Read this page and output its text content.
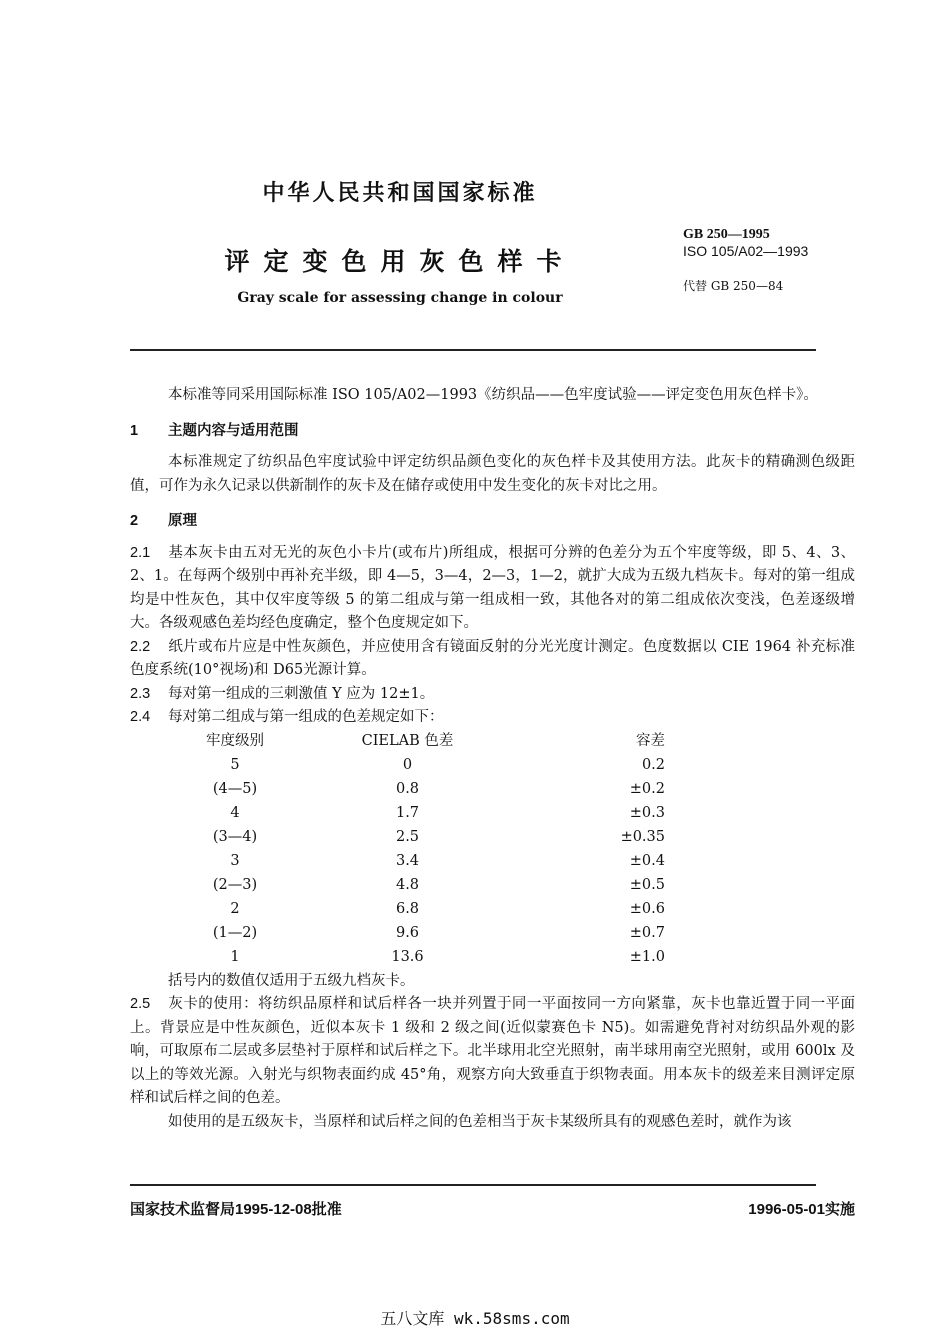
中华人民共和国国家标准
评定变色用灰色样卡
Gray scale for assessing change in colour
GB 250—1995
ISO 105/A02—1993
代替 GB 250—84
本标准等同采用国际标准 ISO 105/A02—1993《纺织品——色牢度试验——评定变色用灰色样卡》。
1 主题内容与适用范围
本标准规定了纺织品色牢度试验中评定纺织品颜色变化的灰色样卡及其使用方法。此灰卡的精确测色级距值，可作为永久记录以供新制作的灰卡及在储存或使用中发生变化的灰卡对比之用。
2 原理
2.1 基本灰卡由五对无光的灰色小卡片(或布片)所组成，根据可分辨的色差分为五个牢度等级，即 5、4、3、2、1。在每两个级别中再补充半级，即 4—5，3—4，2—3，1—2，就扩大成为五级九档灰卡。每对的第一组成均是中性灰色，其中仅牢度等级 5 的第二组成与第一组成相一致，其他各对的第二组成依次变浅，色差逐级增大。各级观感色差均经色度确定，整个色度规定如下。
2.2 纸片或布片应是中性灰颜色，并应使用含有镜面反射的分光光度计测定。色度数据以 CIE 1964 补充标准色度系统(10°视场)和 D65光源计算。
2.3 每对第一组成的三刺激值 Y 应为 12±1。
2.4 每对第二组成与第一组成的色差规定如下：
牢度级别	CIELAB 色差	容差
5	0	0.2
(4—5)	0.8	±0.2
4	1.7	±0.3
(3—4)	2.5	±0.35
3	3.4	±0.4
(2—3)	4.8	±0.5
2	6.8	±0.6
(1—2)	9.6	±0.7
1	13.6	±1.0
括号内的数值仅适用于五级九档灰卡。
2.5 灰卡的使用：将纺织品原样和试后样各一块并列置于同一平面按同一方向紧靠，灰卡也靠近置于同一平面上。背景应是中性灰颜色，近似本灰卡 1 级和 2 级之间(近似蒙赛色卡 N5)。如需避免背衬对纺织品外观的影响，可取原布二层或多层垫衬于原样和试后样之下。北半球用北空光照射，南半球用南空光照射，或用 600lx 及以上的等效光源。入射光与织物表面约成 45°角，观察方向大致垂直于织物表面。用本灰卡的级差来目测评定原样和试后样之间的色差。
如使用的是五级灰卡，当原样和试后样之间的色差相当于灰卡某级所具有的观感色差时，就作为该
国家技术监督局1995-12-08批准	1996-05-01实施
五八文库 wk.58sms.com
